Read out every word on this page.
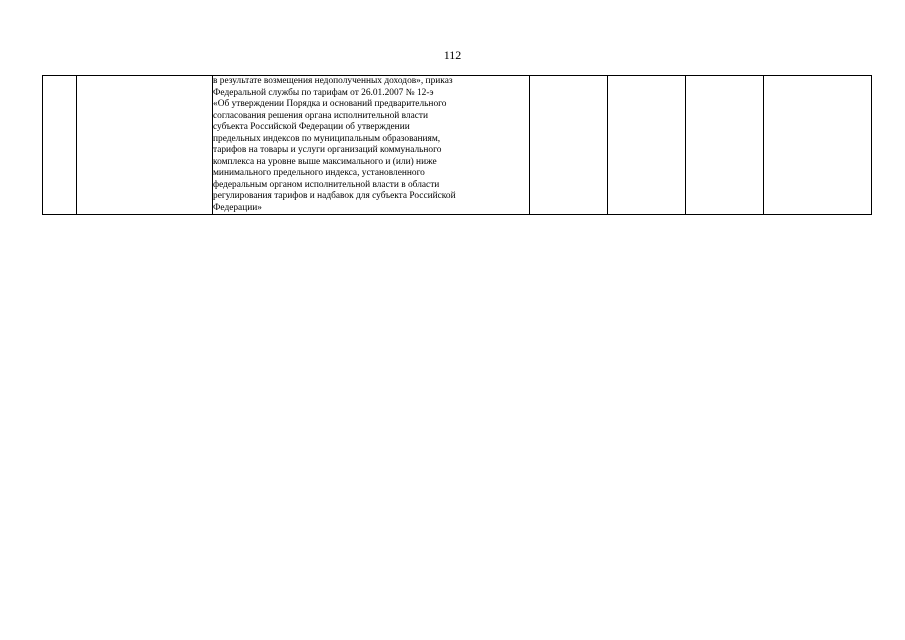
112
		в результате возмещения недополученных доходов», приказ
Федеральной службы по тарифам от 26.01.2007 № 12-э
«Об утверждении Порядка и оснований предварительного
согласования решения органа исполнительной власти
субъекта Российской Федерации об утверждении
предельных индексов по муниципальным образованиям,
тарифов на товары и услуги организаций коммунального
комплекса на уровне выше максимального и (или) ниже
минимального предельного индекса, установленного
федеральным органом исполнительной власти в области
регулирования тарифов и надбавок для субъекта Российской
Федерации»				
